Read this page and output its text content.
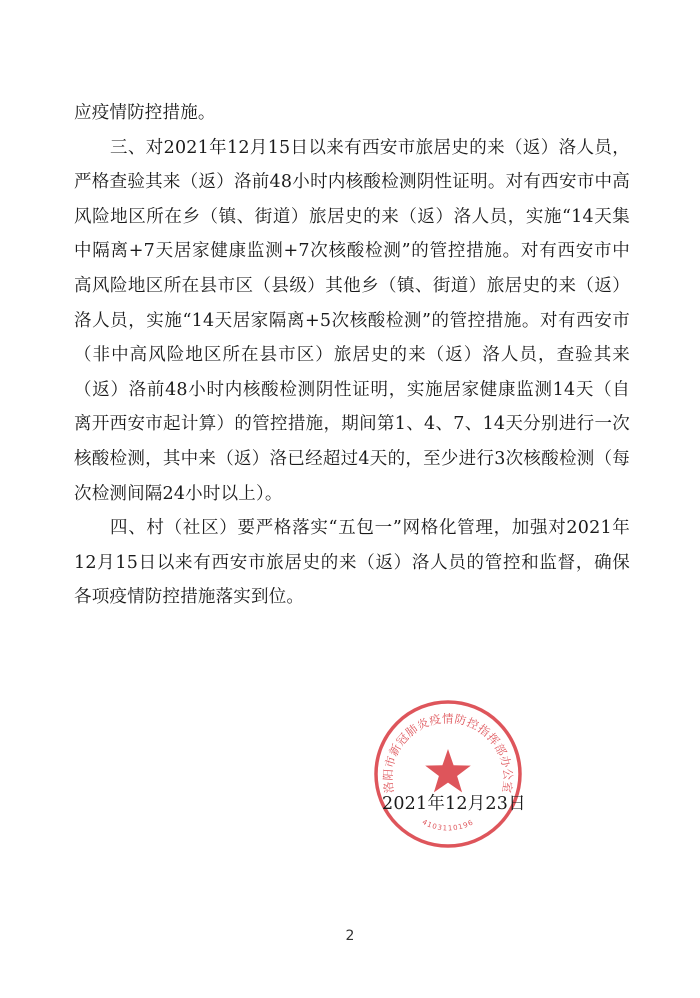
应疫情防控措施。

三、对2021年12月15日以来有西安市旅居史的来（返）洛人员，严格查验其来（返）洛前48小时内核酸检测阴性证明。对有西安市中高风险地区所在乡（镇、街道）旅居史的来（返）洛人员，实施“14天集中隔离+7天居家健康监测+7次核酸检测”的管控措施。对有西安市中高风险地区所在县市区（县级）其他乡（镇、街道）旅居史的来（返）洛人员，实施“14天居家隔离+5次核酸检测”的管控措施。对有西安市（非中高风险地区所在县市区）旅居史的来（返）洛人员，查验其来（返）洛前48小时内核酸检测阴性证明，实施居家健康监测14天（自离开西安市起计算）的管控措施，期间第1、4、7、14天分别进行一次核酸检测，其中来（返）洛已经超过4天的，至少进行3次核酸检测（每次检测间隔24小时以上）。

四、村（社区）要严格落实“五包一”网格化管理，加强对2021年12月15日以来有西安市旅居史的来（返）洛人员的管控和监督，确保各项疫情防控措施落实到位。

洛阳市新冠肺炎疫情防控指挥部办公室
4103110196
2021年12月23日
2
